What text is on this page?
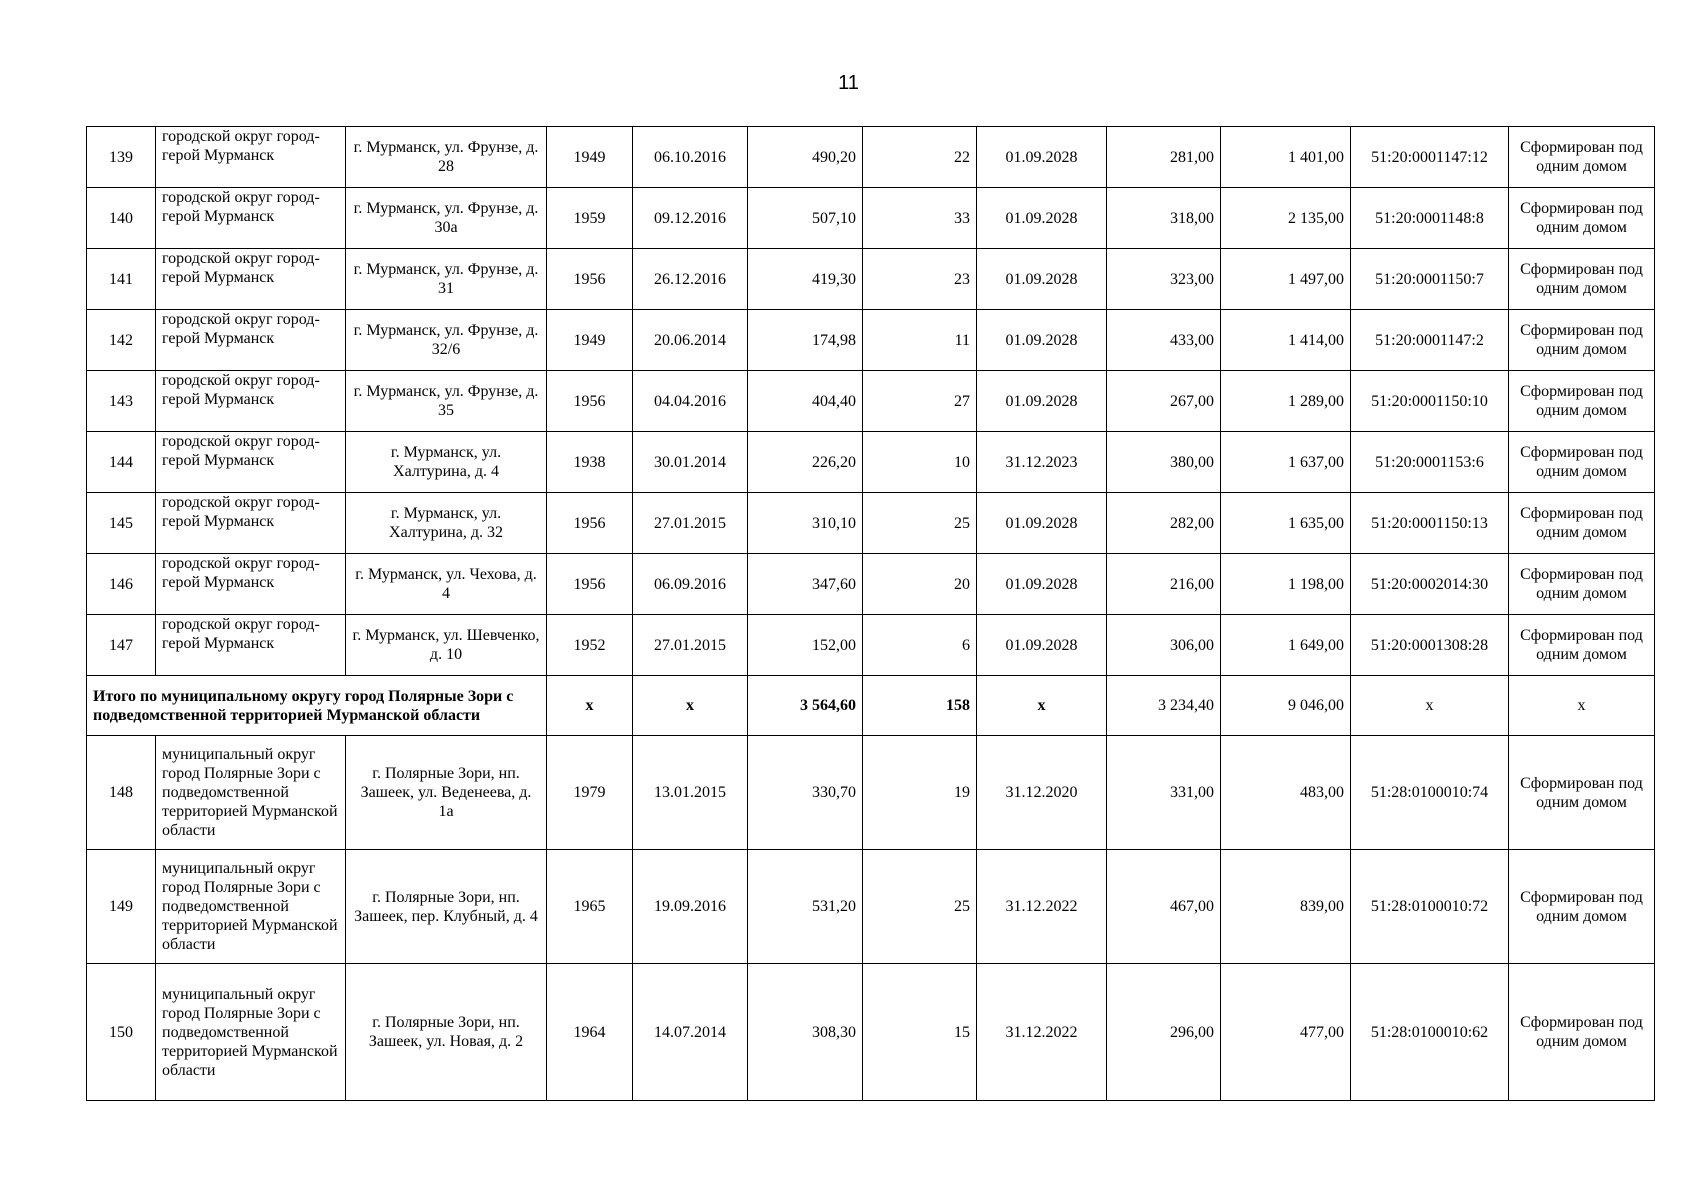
11
139	городской округ город-герой Мурманск	г. Мурманск, ул. Фрунзе, д. 28	1949	06.10.2016	490,20	22	01.09.2028	281,00	1 401,00	51:20:0001147:12	Сформирован под одним домом
140	городской округ город-герой Мурманск	г. Мурманск, ул. Фрунзе, д. 30а	1959	09.12.2016	507,10	33	01.09.2028	318,00	2 135,00	51:20:0001148:8	Сформирован под одним домом
141	городской округ город-герой Мурманск	г. Мурманск, ул. Фрунзе, д. 31	1956	26.12.2016	419,30	23	01.09.2028	323,00	1 497,00	51:20:0001150:7	Сформирован под одним домом
142	городской округ город-герой Мурманск	г. Мурманск, ул. Фрунзе, д. 32/6	1949	20.06.2014	174,98	11	01.09.2028	433,00	1 414,00	51:20:0001147:2	Сформирован под одним домом
143	городской округ город-герой Мурманск	г. Мурманск, ул. Фрунзе, д. 35	1956	04.04.2016	404,40	27	01.09.2028	267,00	1 289,00	51:20:0001150:10	Сформирован под одним домом
144	городской округ город-герой Мурманск	г. Мурманск, ул. Халтурина, д. 4	1938	30.01.2014	226,20	10	31.12.2023	380,00	1 637,00	51:20:0001153:6	Сформирован под одним домом
145	городской округ город-герой Мурманск	г. Мурманск, ул. Халтурина, д. 32	1956	27.01.2015	310,10	25	01.09.2028	282,00	1 635,00	51:20:0001150:13	Сформирован под одним домом
146	городской округ город-герой Мурманск	г. Мурманск, ул. Чехова, д. 4	1956	06.09.2016	347,60	20	01.09.2028	216,00	1 198,00	51:20:0002014:30	Сформирован под одним домом
147	городской округ город-герой Мурманск	г. Мурманск, ул. Шевченко, д. 10	1952	27.01.2015	152,00	6	01.09.2028	306,00	1 649,00	51:20:0001308:28	Сформирован под одним домом
Итого по муниципальному округу город Полярные Зори с подведомственной территорией Мурманской области			х	х	3 564,60	158	х	3 234,40	9 046,00	х	х
148	муниципальный округ город Полярные Зори с подведомственной территорией Мурманской области	г. Полярные Зори, нп. Зашеек, ул. Веденеева, д. 1а	1979	13.01.2015	330,70	19	31.12.2020	331,00	483,00	51:28:0100010:74	Сформирован под одним домом
149	муниципальный округ город Полярные Зори с подведомственной территорией Мурманской области	г. Полярные Зори, нп. Зашеек, пер. Клубный, д. 4	1965	19.09.2016	531,20	25	31.12.2022	467,00	839,00	51:28:0100010:72	Сформирован под одним домом
150	муниципальный округ город Полярные Зори с подведомственной территорией Мурманской области	г. Полярные Зори, нп. Зашеек, ул. Новая, д. 2	1964	14.07.2014	308,30	15	31.12.2022	296,00	477,00	51:28:0100010:62	Сформирован под одним домом
